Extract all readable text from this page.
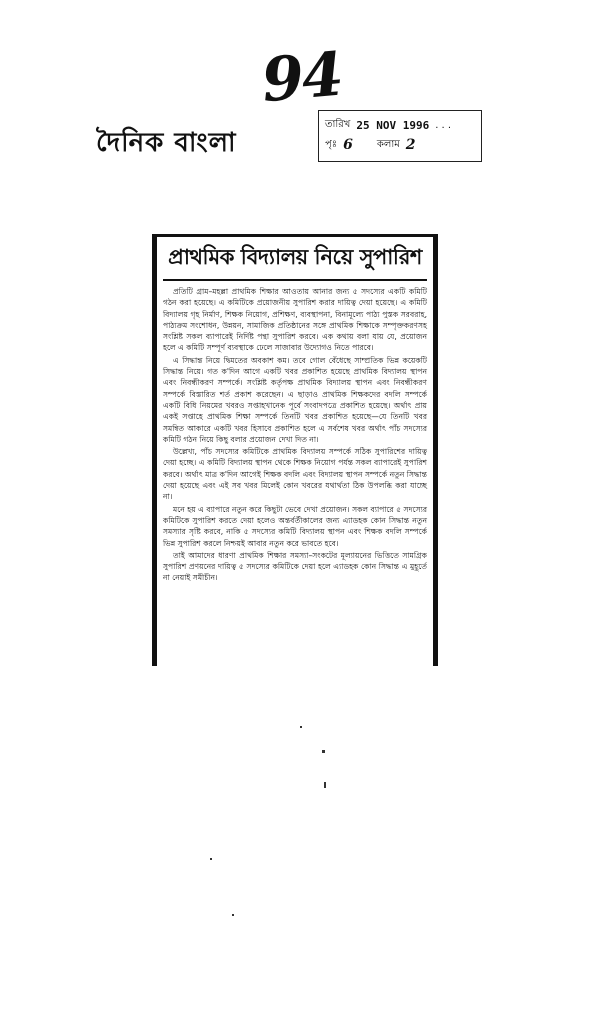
94
দৈনিক বাংলা
তারিখ 25 NOV 1996 . . .
পৃঃ 6 কলাম 2
প্রাথমিক বিদ্যালয় নিয়ে সুপারিশ

প্রতিটি গ্রাম–মহল্লা প্রাথমিক শিক্ষার আওতায় আনার জন্য ৫ সদস্যের একটি কমিটি গঠন করা হয়েছে। এ কমিটিকে প্রয়োজনীয় সুপারিশ করার দায়িত্ব দেয়া হয়েছে। এ কমিটি বিদ্যালয় গৃহ নির্মাণ, শিক্ষক নিয়োগ, প্রশিক্ষণ, ব্যবস্থাপনা, বিনামূল্যে পাঠ্য পুস্তক সরবরাহ, পাঠ্যক্রম সংশোধন, উন্নয়ন, সামাজিক প্রতিষ্ঠানের সঙ্গে প্রাথমিক শিক্ষাকে সম্পৃক্তকরণসহ সংশ্লিষ্ট সকল ব্যাপারেই নির্দিষ্ট পন্থা সুপারিশ করবে। এক কথায় বলা যায় যে, প্রয়োজন হলে এ কমিটি সম্পূর্ণ ব্যবস্থাকে ঢেলে সাজাবার উদ্যোগও নিতে পারবে।

এ সিদ্ধান্ত নিয়ে দ্বিমতের অবকাশ কম। তবে গোল বেঁধেছে সাম্প্রতিক ভিন্ন কয়েকটি সিদ্ধান্ত নিয়ে। গত ক'দিন আগে একটি খবর প্রকাশিত হয়েছে প্রাথমিক বিদ্যালয় স্থাপন এবং নিবন্ধীকরণ সম্পর্কে। সংশ্লিষ্ট কর্তৃপক্ষ প্রাথমিক বিদ্যালয় স্থাপন এবং নিবন্ধীকরণ সম্পর্কে বিস্তারিত শর্ত প্রকাশ করেছেন। এ ছাড়াও প্রাথমিক শিক্ষকদের বদলি সম্পর্কে একটি বিধি নিয়মের খবরও সপ্তাহখানেক পূর্বে সংবাদপত্রে প্রকাশিত হয়েছে। অর্থাৎ প্রায় একই সপ্তাহে প্রাথমিক শিক্ষা সম্পর্কে তিনটি খবর প্রকাশিত হয়েছে—যে তিনটি খবর সমন্বিত আকারে একটি খবর হিসাবে প্রকাশিত হলে এ সর্বশেষ খবর অর্থাৎ পাঁচ সদস্যের কমিটি গঠন নিয়ে কিছু বলার প্রয়োজন দেখা দিত না।

উল্লেখ্য, পাঁচ সদস্যের কমিটিকে প্রাথমিক বিদ্যালয় সম্পর্কে সঠিক সুপারিশের দায়িত্ব দেয়া হচ্ছে। এ কমিটি বিদ্যালয় স্থাপন থেকে শিক্ষক নিয়োগ পর্যন্ত সকল ব্যাপারেই সুপারিশ করবে। অর্থাৎ মাত্র ক'দিন আগেই শিক্ষক বদলি এবং বিদ্যালয় স্থাপন সম্পর্কে নতুন সিদ্ধান্ত দেয়া হয়েছে এবং এই সব খবর মিলেই কোন খবরের যথার্থতা ঠিক উপলব্ধি করা যাচ্ছে না।

মনে হয় এ ব্যাপারে নতুন করে কিছুটা ভেবে দেখা প্রয়োজন। সকল ব্যাপারে ৫ সদস্যের কমিটিকে সুপারিশ করতে দেয়া হলেও অন্তর্বর্তীকালের জন্য এ্যাডহক কোন সিদ্ধান্ত নতুন সমস্যার সৃষ্টি করবে, নাকি ৫ সদস্যের কমিটি বিদ্যালয় স্থাপন এবং শিক্ষক বদলি সম্পর্কে ভিন্ন সুপারিশ করলে নিশ্চয়ই আবার নতুন করে ভাবতে হবে।

তাই আমাদের ধারণা প্রাথমিক শিক্ষার সমস্যা–সংকটের মূল্যায়নের ভিত্তিতে সামগ্রিক সুপারিশ প্রণয়নের দায়িত্ব ৫ সদস্যের কমিটিকে দেয়া হলে এ্যাডহক কোন সিদ্ধান্ত এ মুহূর্তে না নেয়াই সমীচীন।
